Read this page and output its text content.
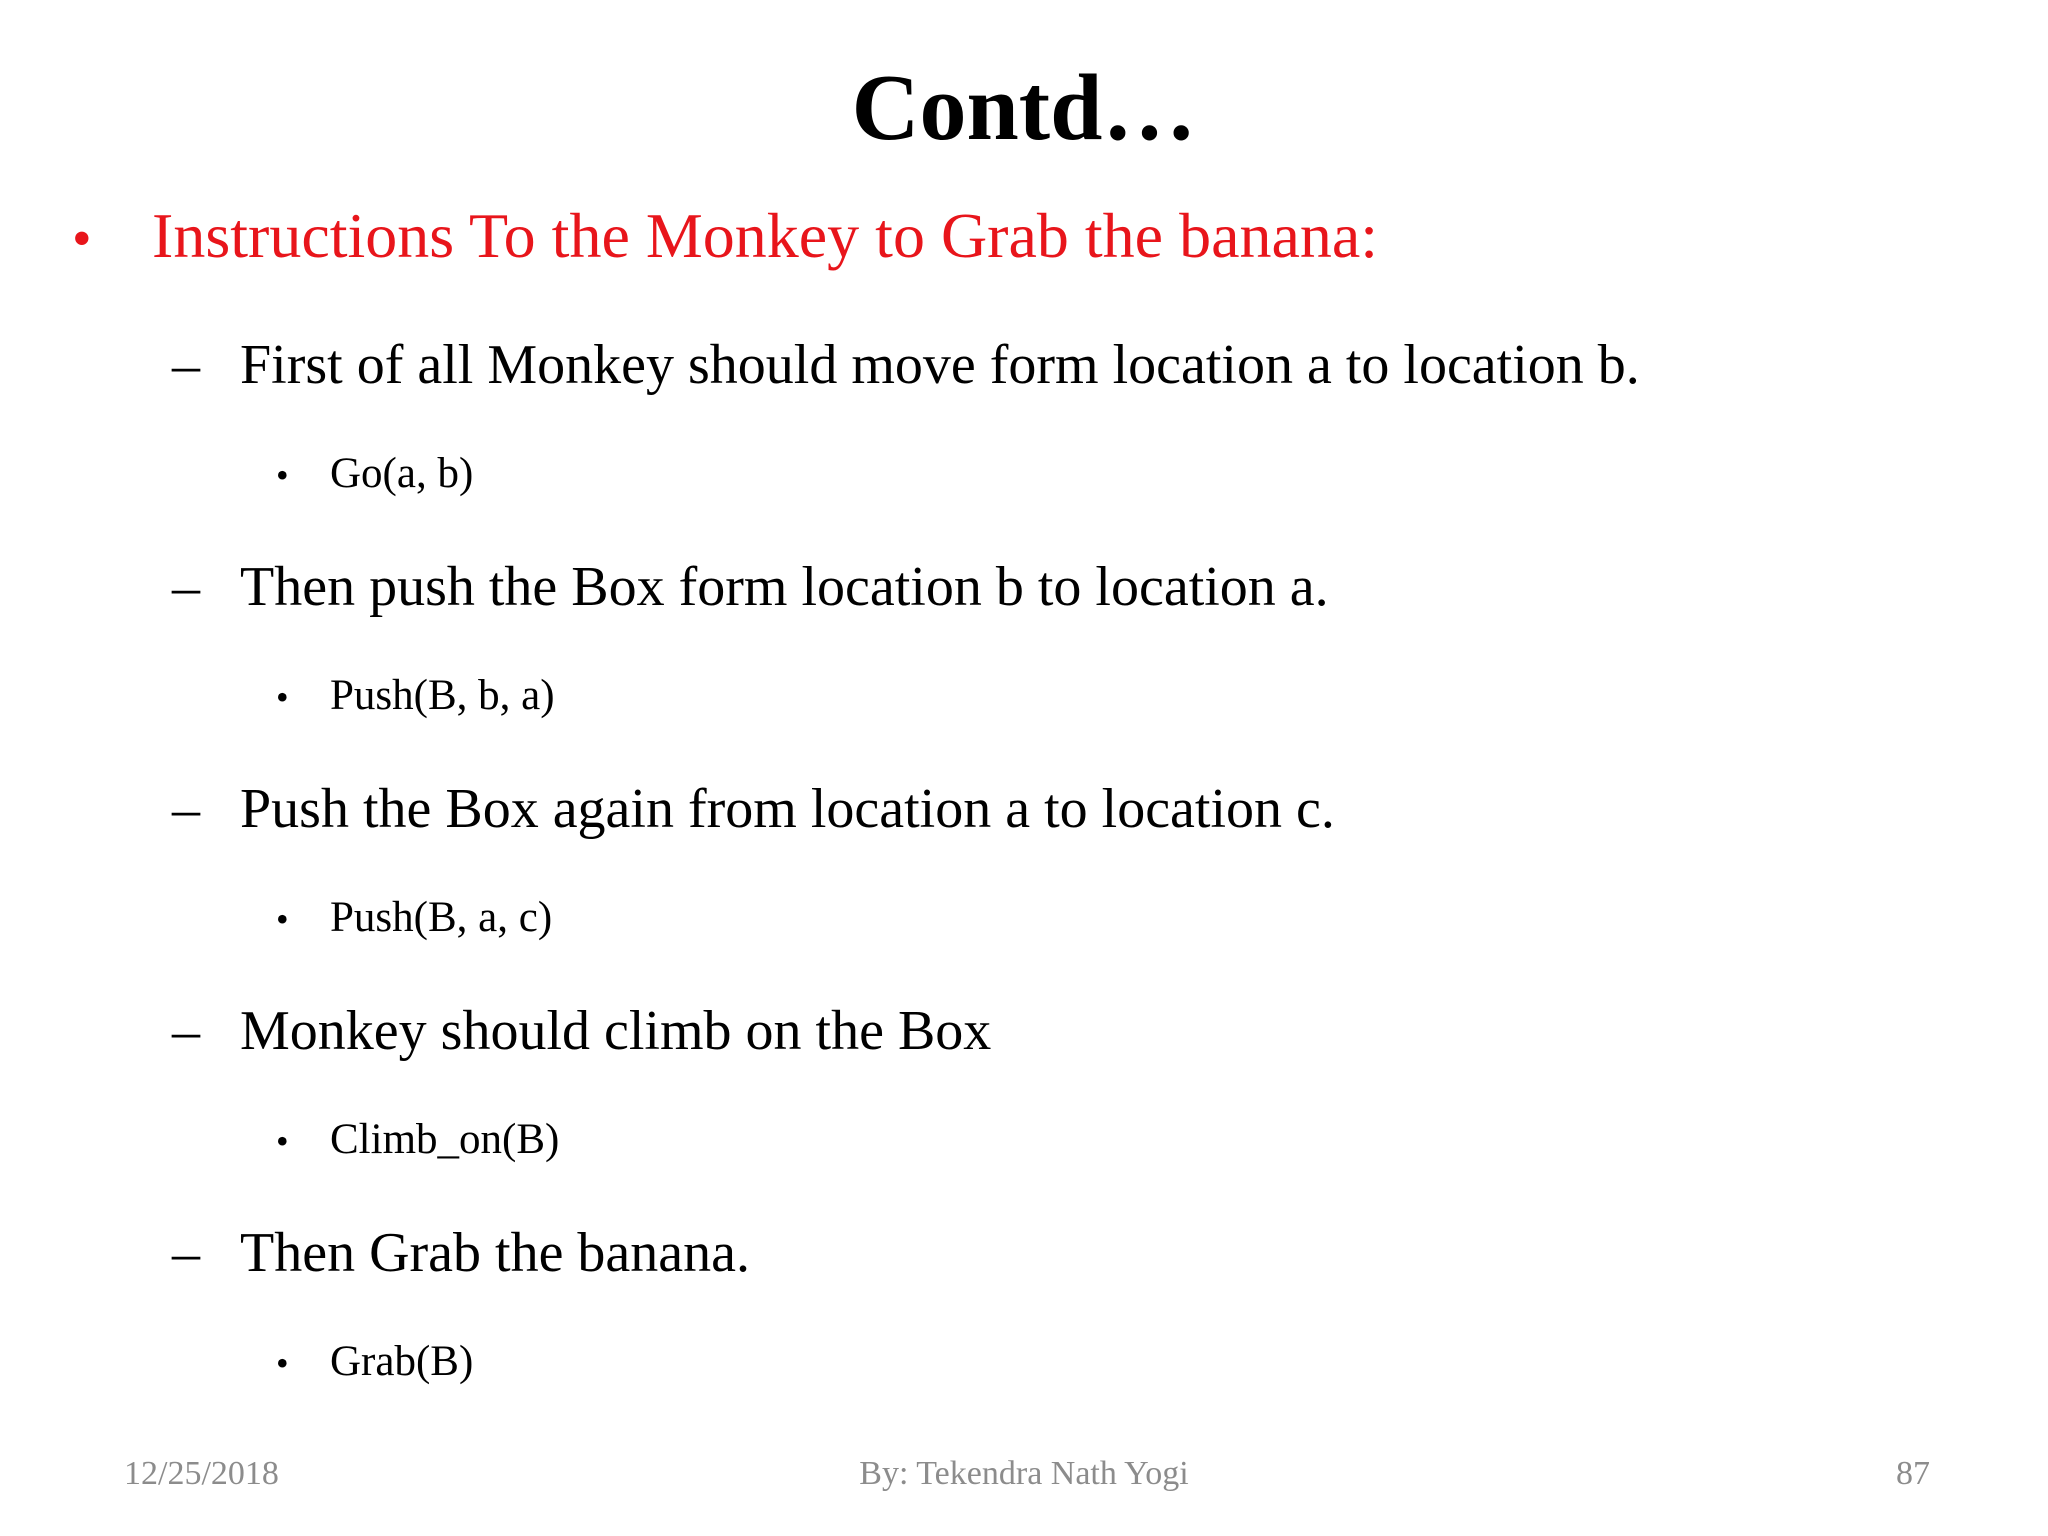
Contd…
• Instructions To the Monkey to Grab the banana:
– First of all Monkey should move form location a to location b.
• Go(a, b)
– Then push the Box form location b to location a.
• Push(B, b, a)
– Push the Box again from location a to location c.
• Push(B, a, c)
– Monkey should climb on the Box
• Climb_on(B)
– Then Grab the banana.
• Grab(B)
12/25/2018	By: Tekendra Nath Yogi	87
